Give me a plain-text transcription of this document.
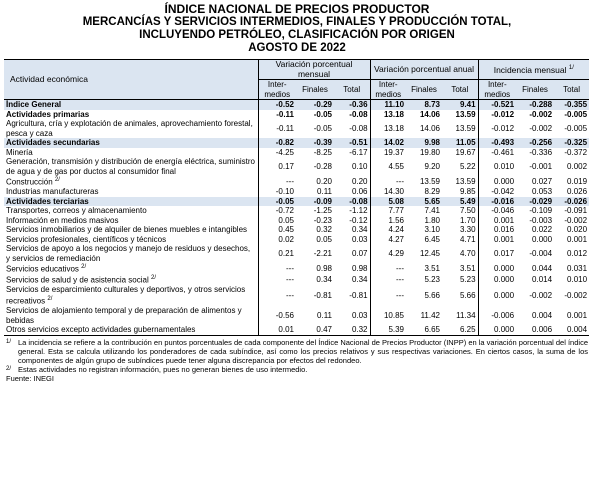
ÍNDICE NACIONAL DE PRECIOS PRODUCTOR
MERCANCÍAS Y SERVICIOS INTERMEDIOS, FINALES Y PRODUCCIÓN TOTAL,
INCLUYENDO PETRÓLEO, CLASIFICACIÓN POR ORIGEN
AGOSTO DE 2022
Actividad económica	Variación porcentual mensual			Variación porcentual anual			Incidencia mensual $^{1/}$
	Inter-medios	Finales	Total	Inter-medios	Finales	Total	Inter-medios	Finales	Total
Índice General	-0.52	-0.29	-0.36	11.10	8.73	9.41	-0.521	-0.288	-0.355
Actividades primarias	-0.11	-0.05	-0.08	13.18	14.06	13.59	-0.012	-0.002	-0.005
Agricultura, cría y explotación de animales, aprovechamiento forestal, pesca y caza	-0.11	-0.05	-0.08	13.18	14.06	13.59	-0.012	-0.002	-0.005
Actividades secundarias	-0.82	-0.39	-0.51	14.02	9.98	11.05	-0.493	-0.256	-0.325
Minería	-4.25	-8.25	-6.17	19.37	19.80	19.67	-0.461	-0.336	-0.372
Generación, transmisión y distribución de energía eléctrica, suministro de agua y de gas por ductos al consumidor final	0.17	-0.28	0.10	4.55	9.20	5.22	0.010	-0.001	0.002
Construcción $^{2/}$	---	0.20	0.20	---	13.59	13.59	0.000	0.027	0.019
Industrias manufactureras	-0.10	0.11	0.06	14.30	8.29	9.85	-0.042	0.053	0.026
Actividades terciarias	-0.05	-0.09	-0.08	5.08	5.65	5.49	-0.016	-0.029	-0.026
Transportes, correos y almacenamiento	-0.72	-1.25	-1.12	7.77	7.41	7.50	-0.046	-0.109	-0.091
Información en medios masivos	0.05	-0.23	-0.12	1.56	1.80	1.70	0.001	-0.003	-0.002
Servicios inmobiliarios y de alquiler de bienes muebles e intangibles	0.45	0.32	0.34	4.24	3.10	3.30	0.016	0.022	0.020
Servicios profesionales, científicos y técnicos	0.02	0.05	0.03	4.27	6.45	4.71	0.001	0.000	0.001
Servicios de apoyo a los negocios y manejo de residuos y desechos, y servicios de remediación	0.21	-2.21	0.07	4.29	12.45	4.70	0.017	-0.004	0.012
Servicios educativos $^{2/}$	---	0.98	0.98	---	3.51	3.51	0.000	0.044	0.031
Servicios de salud y de asistencia social $^{2/}$	---	0.34	0.34	---	5.23	5.23	0.000	0.014	0.010
Servicios de esparcimiento culturales y deportivos, y otros servicios recreativos $^{2/}$	---	-0.81	-0.81	---	5.66	5.66	0.000	-0.002	-0.002
Servicios de alojamiento temporal y de preparación de alimentos y bebidas	-0.56	0.11	0.03	10.85	11.42	11.34	-0.006	0.004	0.001
Otros servicios excepto actividades gubernamentales	0.01	0.47	0.32	5.39	6.65	6.25	0.000	0.006	0.004
1/ La incidencia se refiere a la contribución en puntos porcentuales de cada componente del Índice Nacional de Precios Productor (INPP) en la variación porcentual del índice general. Esta se calcula utilizando los ponderadores de cada subíndice, así como los precios relativos y sus respectivas variaciones. En ciertos casos, la suma de los componentes de algún grupo de subíndices puede tener alguna discrepancia por efectos del redondeo.
2/ Estas actividades no registran información, pues no generan bienes de uso intermedio.
Fuente: INEGI
